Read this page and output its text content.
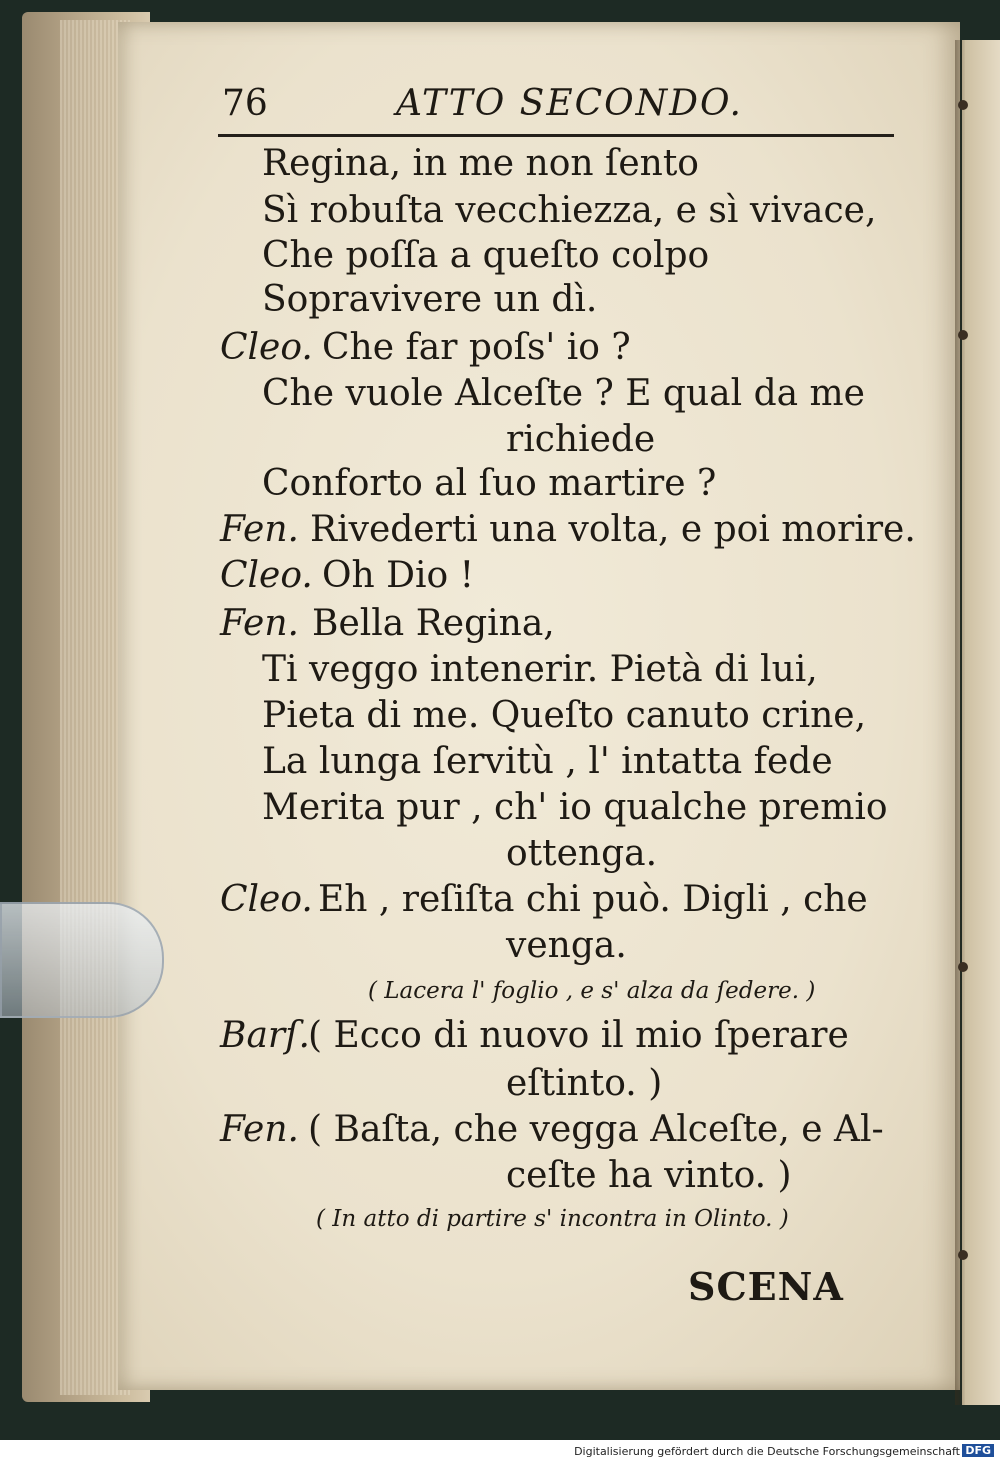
76	ATTO SECONDO.
Regina, in me non ſento
Sì robuſta vecchiezza, e sì vivace,
Che poſſa a queſto colpo
Sopravivere un dì.
Cleo. Che far poſs' io ?
Che vuole Alceſte ? E qual da me
richiede
Conforto al ſuo martire ?
Fen. Rivederti una volta, e poi morire.
Cleo. Oh Dio !
Fen. Bella Regina,
Ti veggo intenerir. Pietà di lui,
Pieta di me. Queſto canuto crine,
La lunga ſervitù , l' intatta fede
Merita pur , ch' io qualche premio
ottenga.
Cleo. Eh , reſiſta chi può. Digli , che
venga.
( Lacera l' foglio , e s' alza da ſedere. )
Barſ.
( Ecco di nuovo il mio ſperare
eſtinto. )
Fen. ( Baſta, che vegga Alceſte, e Al-
ceſte ha vinto. )
( In atto di partire s' incontra in Olinto. )
SCENA
Digitalisierung gefördert durch die Deutsche Forschungsgemeinschaft DFG
